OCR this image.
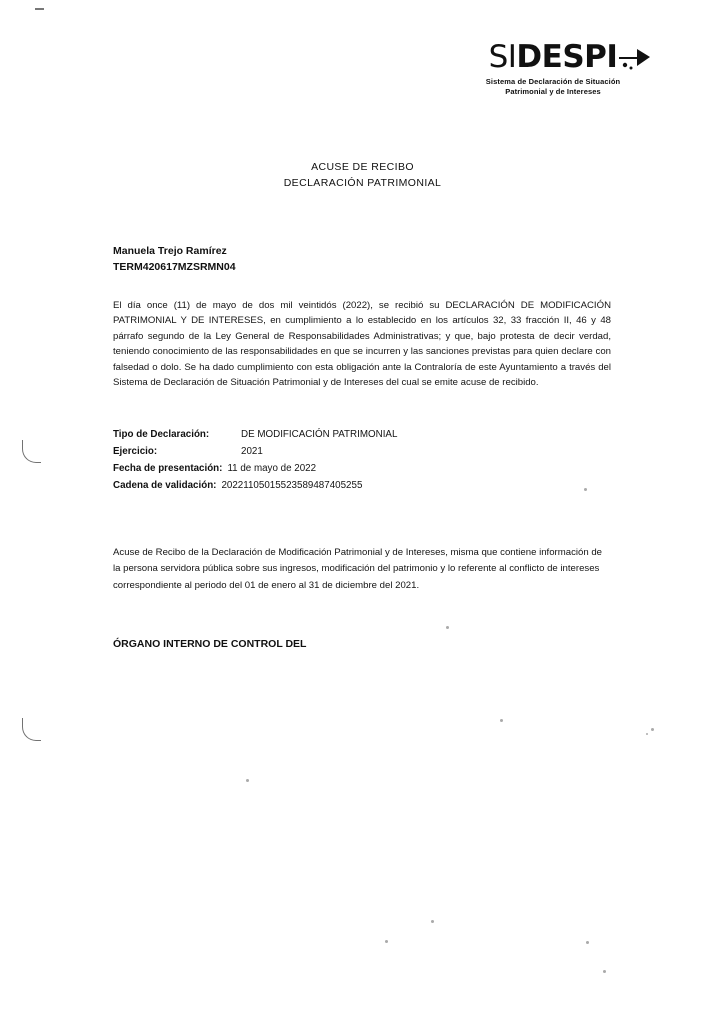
SIDESPI
Sistema de Declaración de Situación
Patrimonial y de Intereses
ACUSE DE RECIBO
DECLARACIÓN PATRIMONIAL
Manuela Trejo Ramírez
TERM420617MZSRMN04
El día once (11) de mayo de dos mil veintidós (2022), se recibió su DECLARACIÓN DE MODIFICACIÓN PATRIMONIAL Y DE INTERESES, en cumplimiento a lo establecido en los artículos 32, 33 fracción II, 46 y 48 párrafo segundo de la Ley General de Responsabilidades Administrativas; y que, bajo protesta de decir verdad, teniendo conocimiento de las responsabilidades en que se incurren y las sanciones previstas para quien declare con falsedad o dolo. Se ha dado cumplimiento con esta obligación ante la Contraloría de este Ayuntamiento a través del Sistema de Declaración de Situación Patrimonial y de Intereses del cual se emite acuse de recibido.
Tipo de Declaración:	DE MODIFICACIÓN PATRIMONIAL
Ejercicio:	2021
Fecha de presentación: 11 de mayo de 2022
Cadena de validación: 20221105015523589487405255
Acuse de Recibo de la Declaración de Modificación Patrimonial y de Intereses, misma que contiene información de la persona servidora pública sobre sus ingresos, modificación del patrimonio y lo referente al conflicto de intereses correspondiente al periodo del 01 de enero al 31 de diciembre del 2021.
ÓRGANO INTERNO DE CONTROL DEL
